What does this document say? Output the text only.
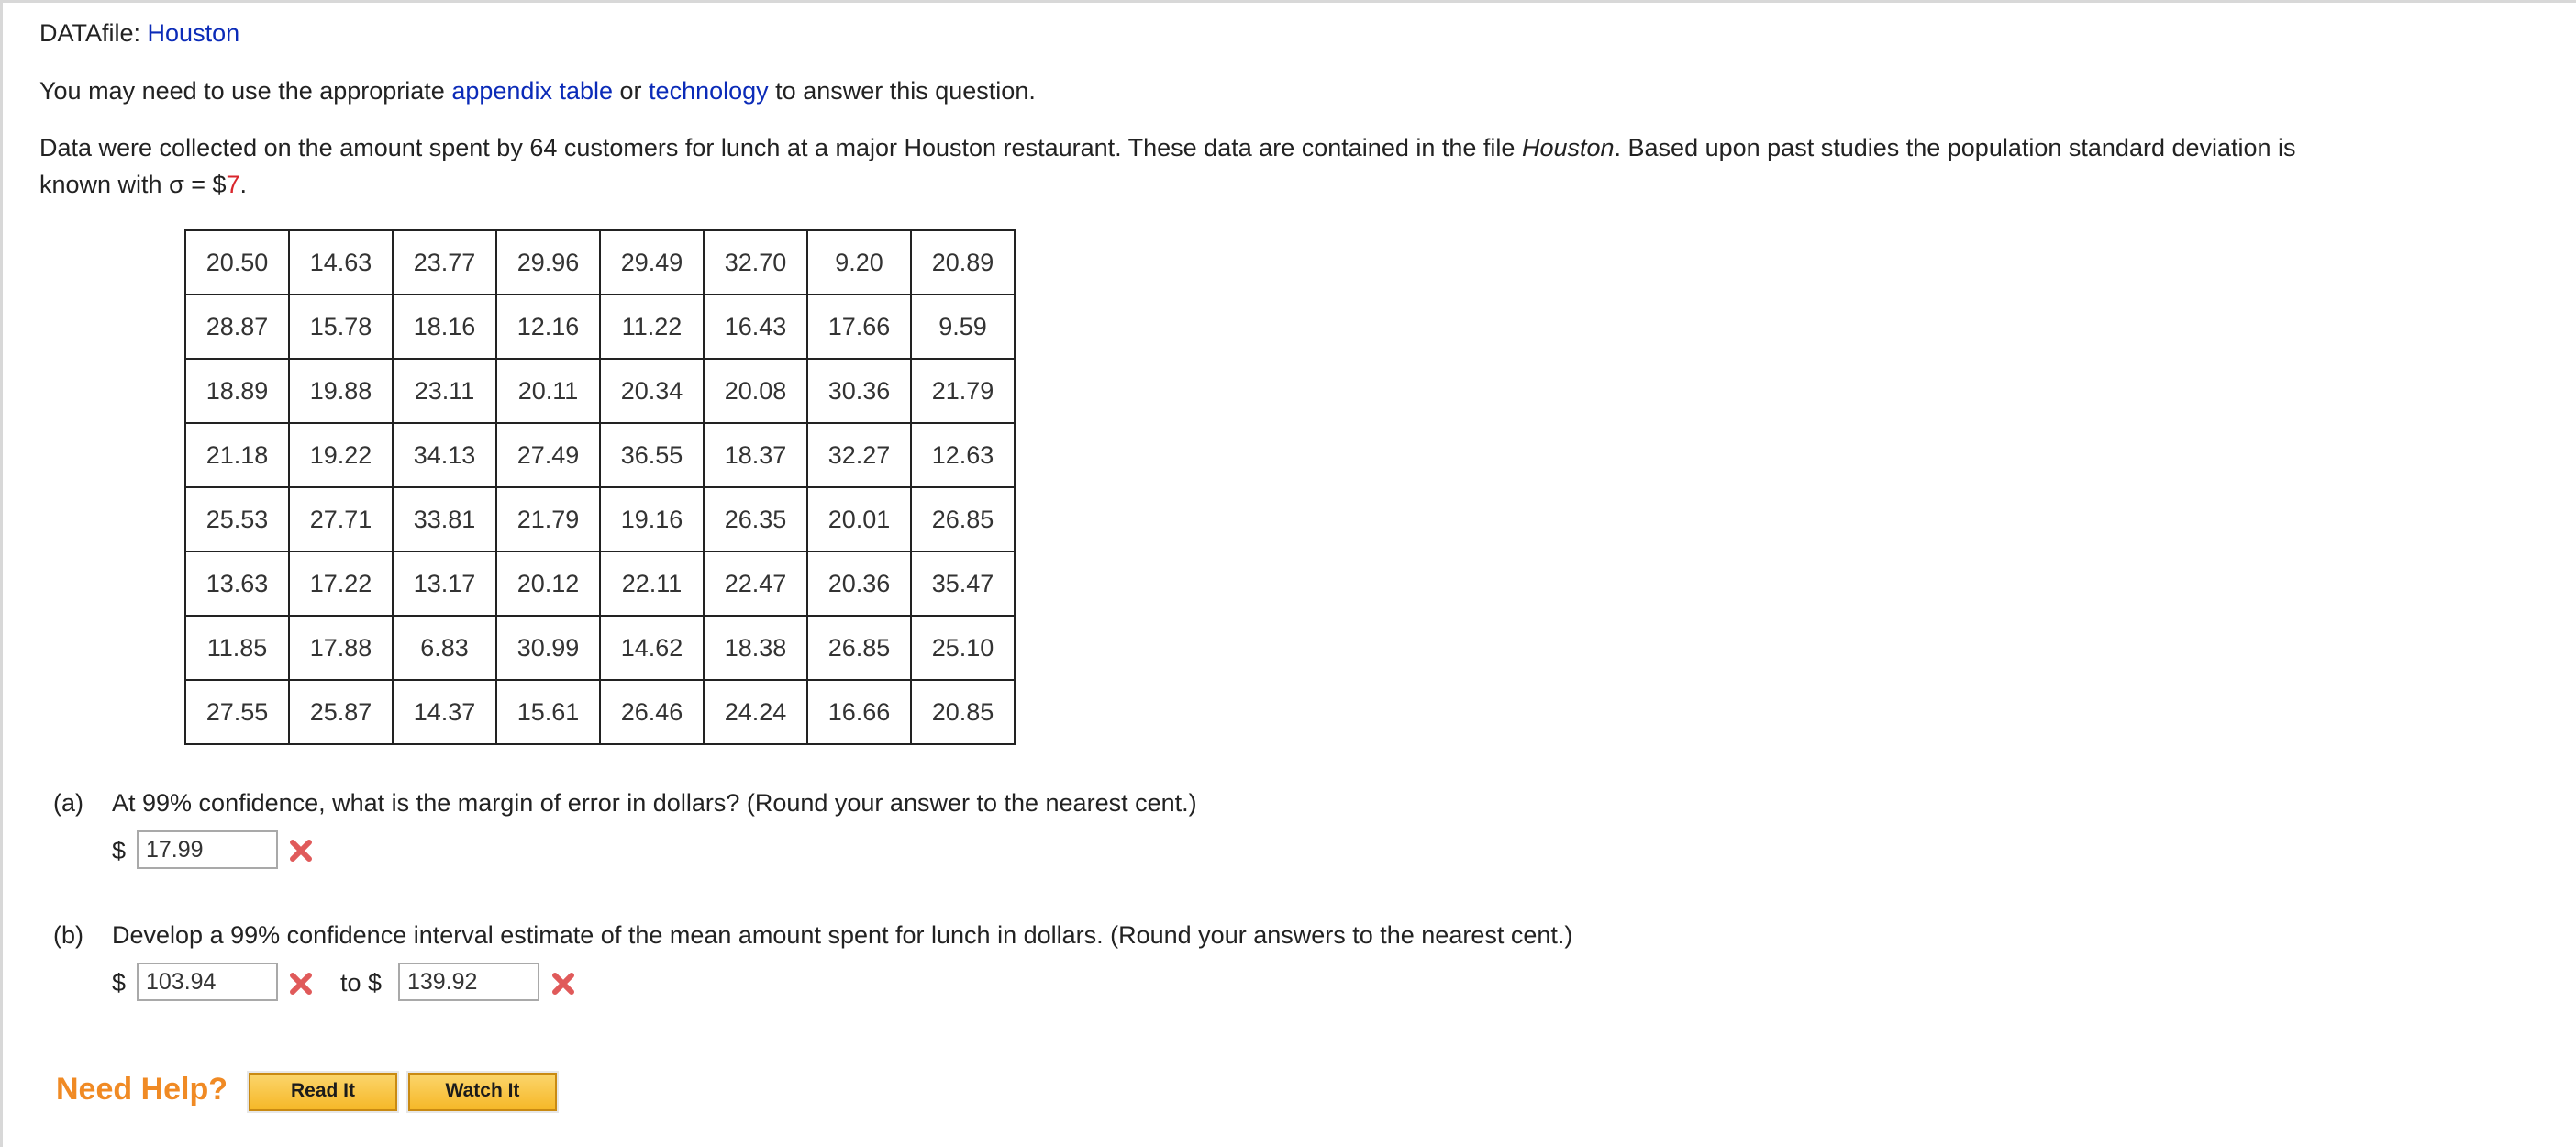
DATAfile: Houston
You may need to use the appropriate appendix table or technology to answer this question.
Data were collected on the amount spent by 64 customers for lunch at a major Houston restaurant. These data are contained in the file Houston. Based upon past studies the population standard deviation is
known with σ = $7.
20.50	14.63	23.77	29.96	29.49	32.70	9.20	20.89
28.87	15.78	18.16	12.16	11.22	16.43	17.66	9.59
18.89	19.88	23.11	20.11	20.34	20.08	30.36	21.79
21.18	19.22	34.13	27.49	36.55	18.37	32.27	12.63
25.53	27.71	33.81	21.79	19.16	26.35	20.01	26.85
13.63	17.22	13.17	20.12	22.11	22.47	20.36	35.47
11.85	17.88	6.83	30.99	14.62	18.38	26.85	25.10
27.55	25.87	14.37	15.61	26.46	24.24	16.66	20.85
(a) At 99% confidence, what is the margin of error in dollars? (Round your answer to the nearest cent.)
$
17.99
(b) Develop a 99% confidence interval estimate of the mean amount spent for lunch in dollars. (Round your answers to the nearest cent.)
$
103.94	to $
139.92
Need Help?	Read It	Watch It
